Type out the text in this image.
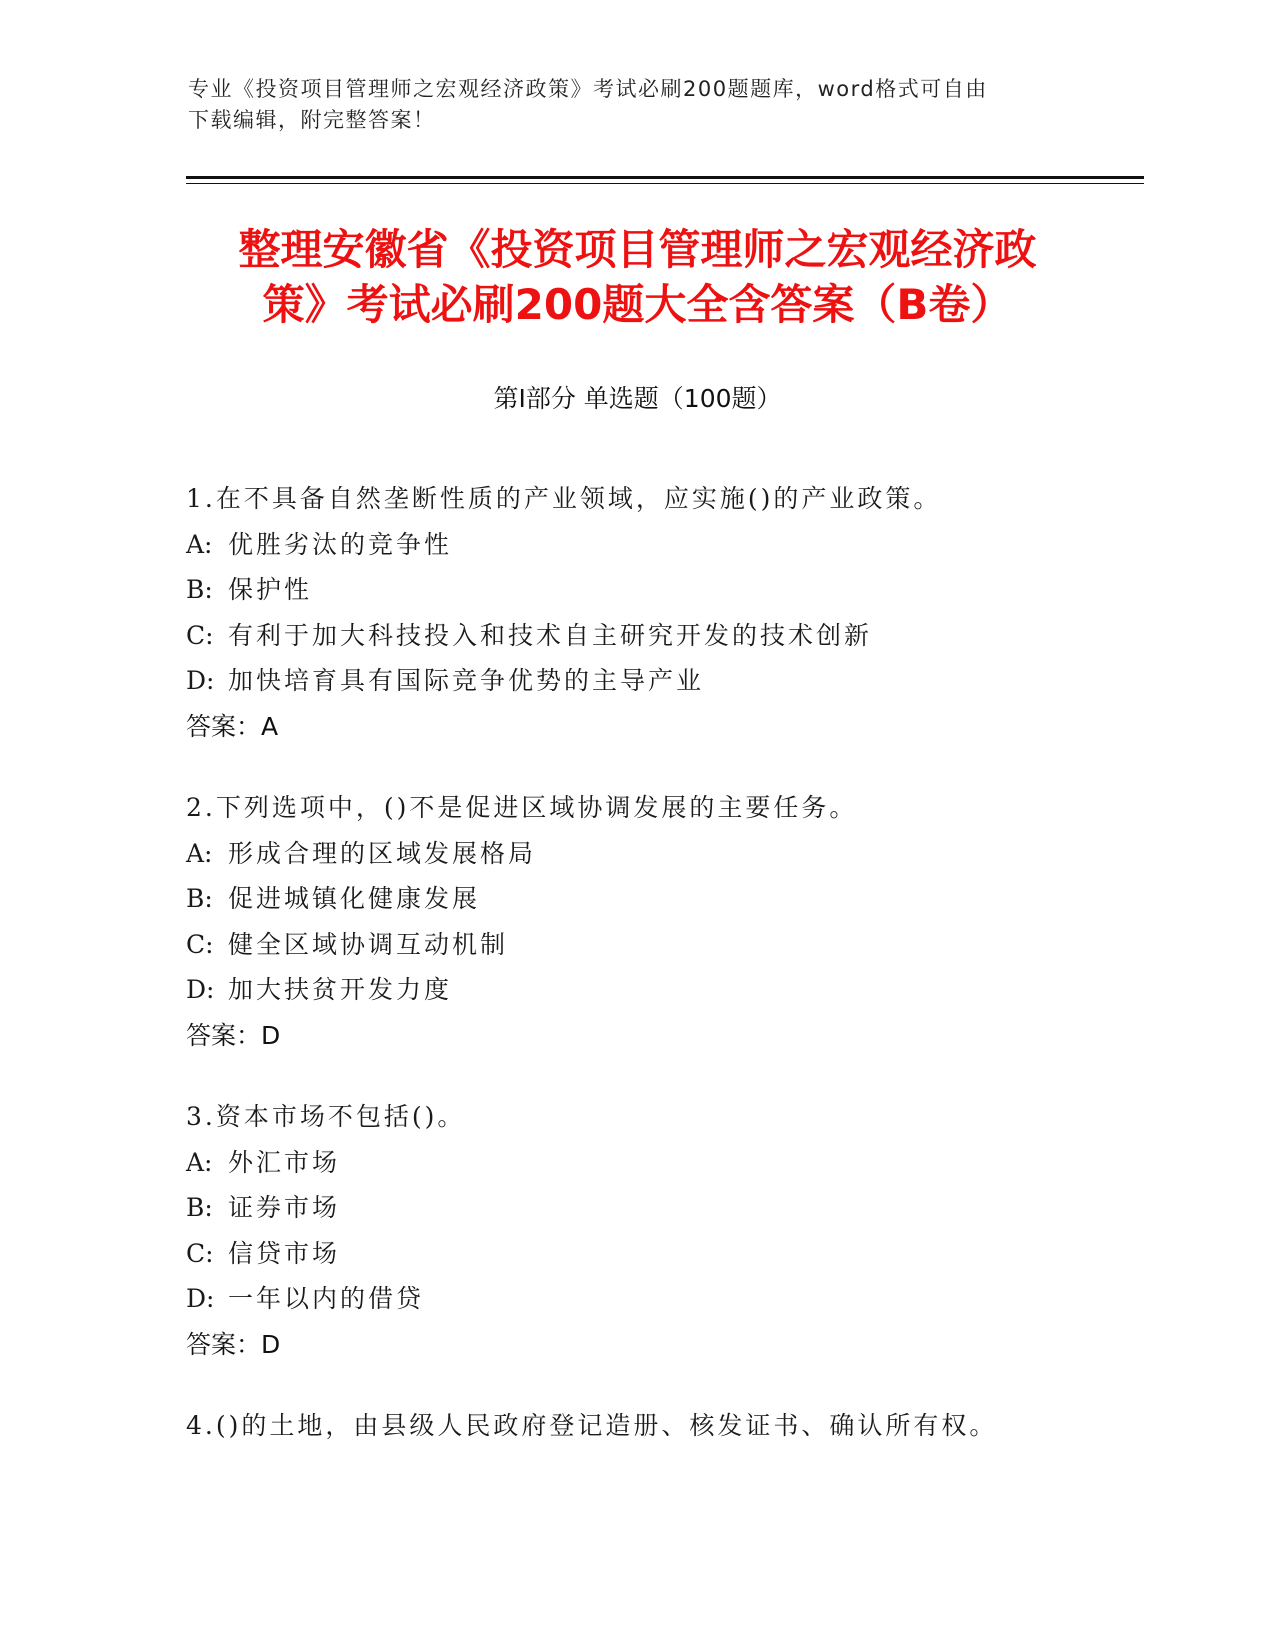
专业《投资项目管理师之宏观经济政策》考试必刷200题题库，word格式可自由
下载编辑，附完整答案！
整理安徽省《投资项目管理师之宏观经济政
策》考试必刷200题大全含答案（B卷）
第Ⅰ部分 单选题（100题）
1.在不具备自然垄断性质的产业领域，应实施()的产业政策。
A: 优胜劣汰的竞争性
B: 保护性
C: 有利于加大科技投入和技术自主研究开发的技术创新
D: 加快培育具有国际竞争优势的主导产业
答案：A
2.下列选项中，()不是促进区域协调发展的主要任务。
A: 形成合理的区域发展格局
B: 促进城镇化健康发展
C: 健全区域协调互动机制
D: 加大扶贫开发力度
答案：D
3.资本市场不包括()。
A: 外汇市场
B: 证券市场
C: 信贷市场
D: 一年以内的借贷
答案：D
4.()的土地，由县级人民政府登记造册、核发证书、确认所有权。
